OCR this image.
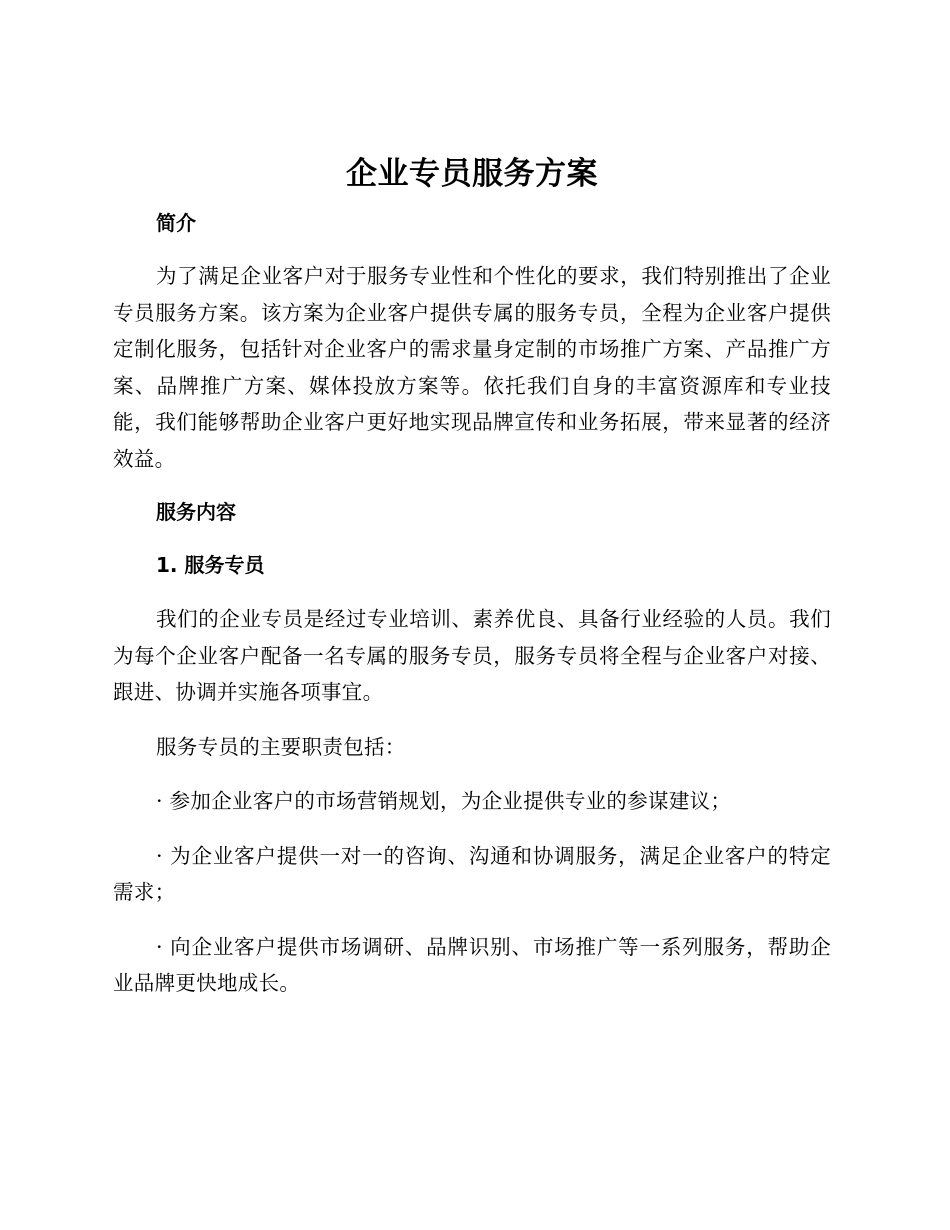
企业专员服务方案
简介

为了满足企业客户对于服务专业性和个性化的要求，我们特别推出了企业专员服务方案。该方案为企业客户提供专属的服务专员，全程为企业客户提供定制化服务，包括针对企业客户的需求量身定制的市场推广方案、产品推广方案、品牌推广方案、媒体投放方案等。依托我们自身的丰富资源库和专业技能，我们能够帮助企业客户更好地实现品牌宣传和业务拓展，带来显著的经济效益。

服务内容
1. 服务专员

我们的企业专员是经过专业培训、素养优良、具备行业经验的人员。我们为每个企业客户配备一名专属的服务专员，服务专员将全程与企业客户对接、跟进、协调并实施各项事宜。

服务专员的主要职责包括：

· 参加企业客户的市场营销规划，为企业提供专业的参谋建议；

· 为企业客户提供一对一的咨询、沟通和协调服务，满足企业客户的特定需求；

· 向企业客户提供市场调研、品牌识别、市场推广等一系列服务，帮助企业品牌更快地成长。
